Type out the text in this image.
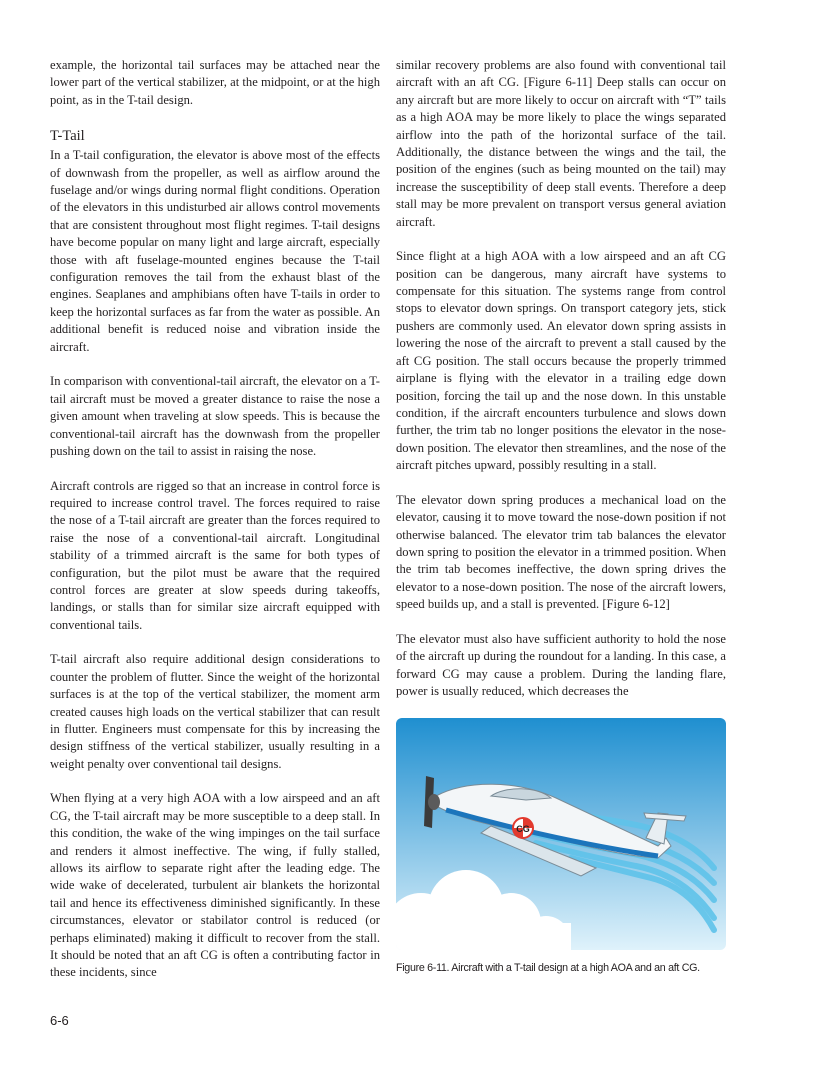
example, the horizontal tail surfaces may be attached near the lower part of the vertical stabilizer, at the midpoint, or at the high point, as in the T-tail design.

T-Tail

In a T-tail configuration, the elevator is above most of the effects of downwash from the propeller, as well as airflow around the fuselage and/or wings during normal flight conditions. Operation of the elevators in this undisturbed air allows control movements that are consistent throughout most flight regimes. T-tail designs have become popular on many light and large aircraft, especially those with aft fuselage-mounted engines because the T-tail configuration removes the tail from the exhaust blast of the engines. Seaplanes and amphibians often have T-tails in order to keep the horizontal surfaces as far from the water as possible. An additional benefit is reduced noise and vibration inside the aircraft.

In comparison with conventional-tail aircraft, the elevator on a T-tail aircraft must be moved a greater distance to raise the nose a given amount when traveling at slow speeds. This is because the conventional-tail aircraft has the downwash from the propeller pushing down on the tail to assist in raising the nose.

Aircraft controls are rigged so that an increase in control force is required to increase control travel. The forces required to raise the nose of a T-tail aircraft are greater than the forces required to raise the nose of a conventional-tail aircraft. Longitudinal stability of a trimmed aircraft is the same for both types of configuration, but the pilot must be aware that the required control forces are greater at slow speeds during takeoffs, landings, or stalls than for similar size aircraft equipped with conventional tails.

T-tail aircraft also require additional design considerations to counter the problem of flutter. Since the weight of the horizontal surfaces is at the top of the vertical stabilizer, the moment arm created causes high loads on the vertical stabilizer that can result in flutter. Engineers must compensate for this by increasing the design stiffness of the vertical stabilizer, usually resulting in a weight penalty over conventional tail designs.

When flying at a very high AOA with a low airspeed and an aft CG, the T-tail aircraft may be more susceptible to a deep stall. In this condition, the wake of the wing impinges on the tail surface and renders it almost ineffective. The wing, if fully stalled, allows its airflow to separate right after the leading edge. The wide wake of decelerated, turbulent air blankets the horizontal tail and hence its effectiveness diminished significantly. In these circumstances, elevator or stabilator control is reduced (or perhaps eliminated) making it difficult to recover from the stall. It should be noted that an aft CG is often a contributing factor in these incidents, since

similar recovery problems are also found with conventional tail aircraft with an aft CG. [Figure 6-11] Deep stalls can occur on any aircraft but are more likely to occur on aircraft with “T” tails as a high AOA may be more likely to place the wings separated airflow into the path of the horizontal surface of the tail. Additionally, the distance between the wings and the tail, the position of the engines (such as being mounted on the tail) may increase the susceptibility of deep stall events. Therefore a deep stall may be more prevalent on transport versus general aviation aircraft.

Since flight at a high AOA with a low airspeed and an aft CG position can be dangerous, many aircraft have systems to compensate for this situation. The systems range from control stops to elevator down springs. On transport category jets, stick pushers are commonly used. An elevator down spring assists in lowering the nose of the aircraft to prevent a stall caused by the aft CG position. The stall occurs because the properly trimmed airplane is flying with the elevator in a trailing edge down position, forcing the tail up and the nose down. In this unstable condition, if the aircraft encounters turbulence and slows down further, the trim tab no longer positions the elevator in the nose-down position. The elevator then streamlines, and the nose of the aircraft pitches upward, possibly resulting in a stall.

The elevator down spring produces a mechanical load on the elevator, causing it to move toward the nose-down position if not otherwise balanced. The elevator trim tab balances the elevator down spring to position the elevator in a trimmed position. When the trim tab becomes ineffective, the down spring drives the elevator to a nose-down position. The nose of the aircraft lowers, speed builds up, and a stall is prevented. [Figure 6-12]

The elevator must also have sufficient authority to hold the nose of the aircraft up during the roundout for a landing. In this case, a forward CG may cause a problem. During the landing flare, power is usually reduced, which decreases the

CG
Figure 6-11. Aircraft with a T-tail design at a high AOA and an aft CG.
6-6
